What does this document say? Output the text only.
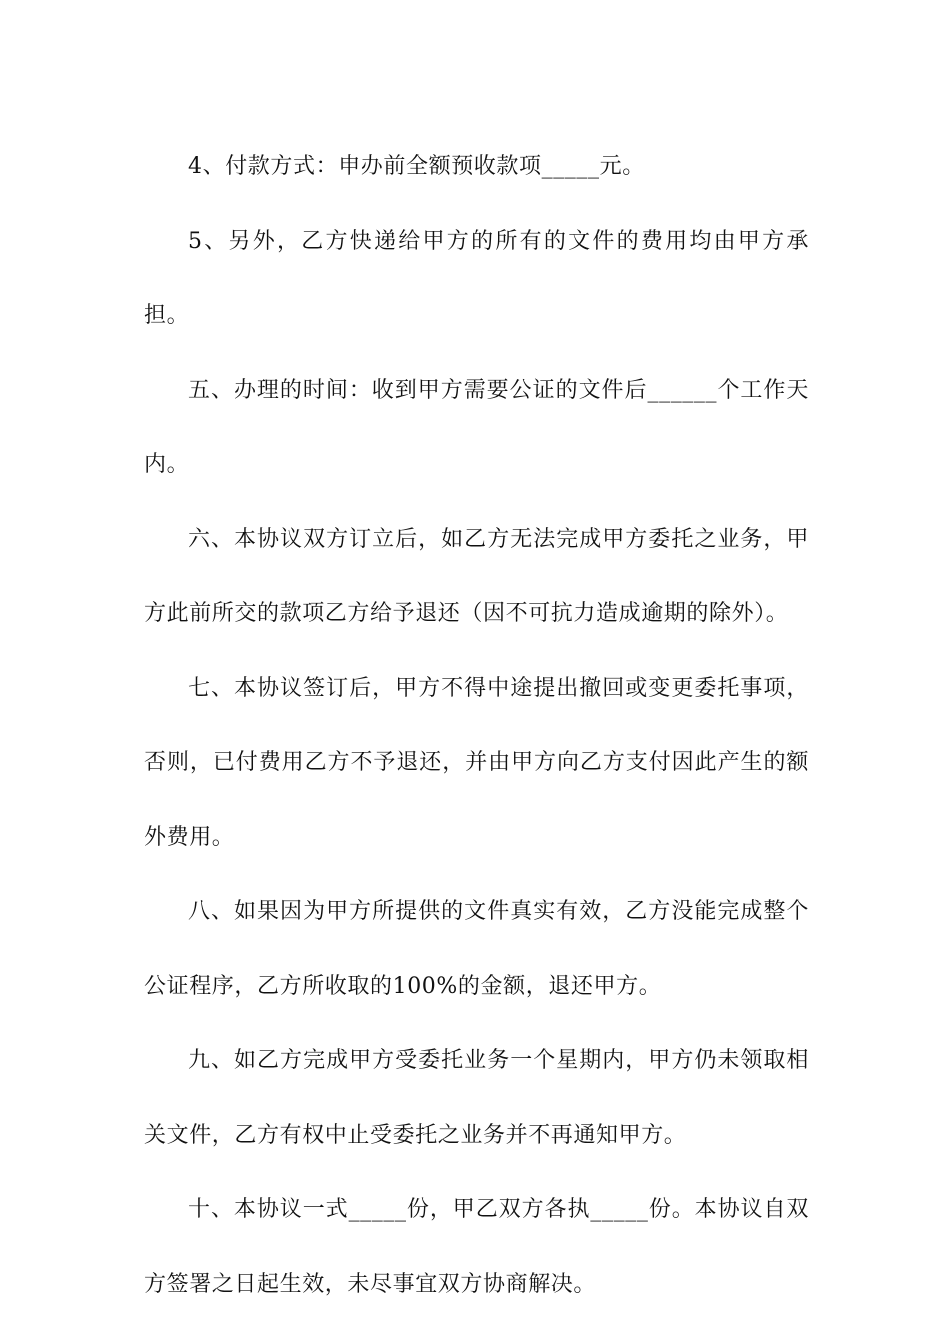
4、付款方式：申办前全额预收款项_____元。

5、另外，乙方快递给甲方的所有的文件的费用均由甲方承担。

五、办理的时间：收到甲方需要公证的文件后______个工作天内。

六、本协议双方订立后，如乙方无法完成甲方委托之业务，甲方此前所交的款项乙方给予退还（因不可抗力造成逾期的除外）。

七、本协议签订后，甲方不得中途提出撤回或变更委托事项，否则，已付费用乙方不予退还，并由甲方向乙方支付因此产生的额外费用。

八、如果因为甲方所提供的文件真实有效，乙方没能完成整个公证程序，乙方所收取的100%的金额，退还甲方。

九、如乙方完成甲方受委托业务一个星期内，甲方仍未领取相关文件，乙方有权中止受委托之业务并不再通知甲方。

十、本协议一式_____份，甲乙双方各执_____份。本协议自双方签署之日起生效，未尽事宜双方协商解决。
